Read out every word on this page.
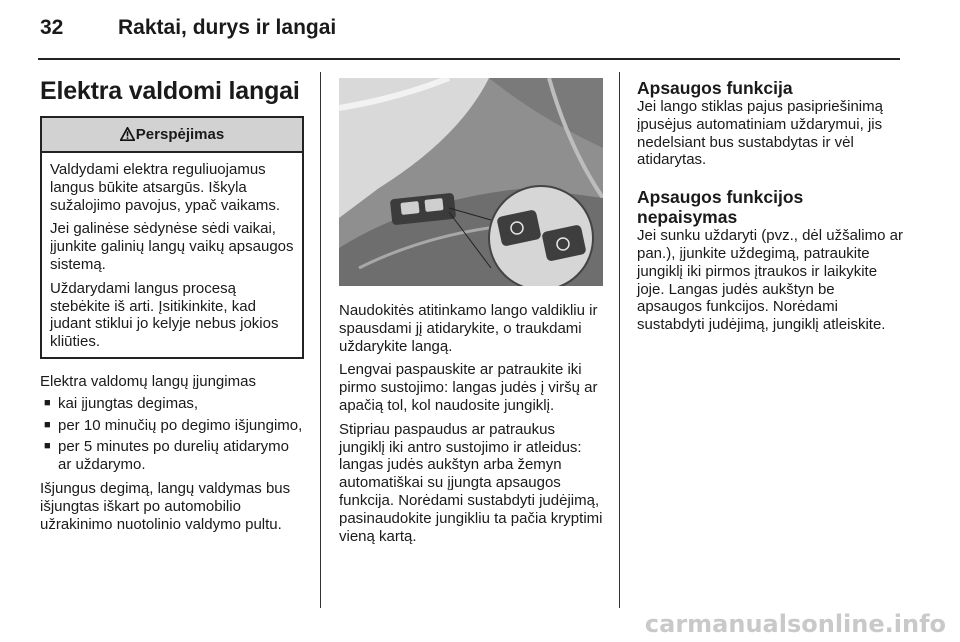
32	Raktai, durys ir langai
Elektra valdomi langai
Perspėjimas

Valdydami elektra reguliuojamus langus būkite atsargūs. Iškyla sužalojimo pavojus, ypač vaikams.

Jei galinėse sėdynėse sėdi vaikai, įjunkite galinių langų vaikų apsaugos sistemą.

Uždarydami langus procesą stebėkite iš arti. Įsitikinkite, kad judant stiklui jo kelyje nebus jokios kliūties.

Elektra valdomų langų įjungimas

■ kai įjungtas degimas,
■ per 10 minučių po degimo išjungimo,
■ per 5 minutes po durelių atidarymo ar uždarymo.

Išjungus degimą, langų valdymas bus išjungtas iškart po automobilio užrakinimo nuotolinio valdymo pultu.

Naudokitės atitinkamo lango valdikliu ir spausdami jį atidarykite, o traukdami uždarykite langą.

Lengvai paspauskite ar patraukite iki pirmo sustojimo: langas judės į viršų ar apačią tol, kol naudosite jungiklį.

Stipriau paspaudus ar patraukus jungiklį iki antro sustojimo ir atleidus: langas judės aukštyn arba žemyn automatiškai su įjungta apsaugos funkcija. Norėdami sustabdyti judėjimą, pasinaudokite jungikliu ta pačia kryptimi vieną kartą.

Apsaugos funkcija

Jei lango stiklas pajus pasipriešinimą įpusėjus automatiniam uždarymui, jis nedelsiant bus sustabdytas ir vėl atidarytas.

Apsaugos funkcijos nepaisymas

Jei sunku uždaryti (pvz., dėl užšalimo ar pan.), įjunkite uždegimą, patraukite jungiklį iki pirmos įtraukos ir laikykite joje. Langas judės aukštyn be apsaugos funkcijos. Norėdami sustabdyti judėjimą, jungiklį atleiskite.

carmanualsonline.info
